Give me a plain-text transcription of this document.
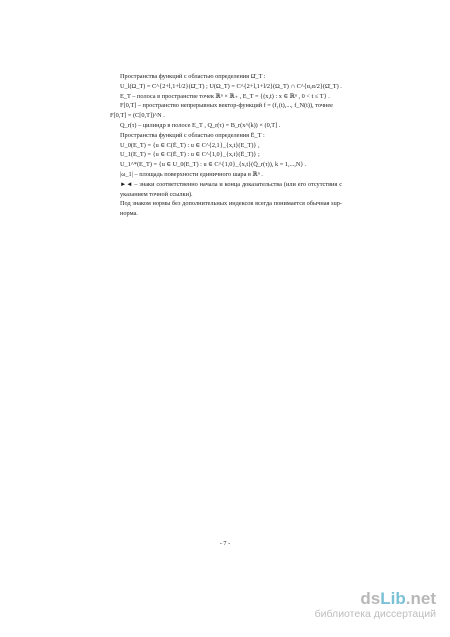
Пространства функций с областью определения Ω̄_T :
U_l(Ω_T) = C^{2+l,1+l/2}(Ω̄_T) ; U(Ω_T) = C^{2+l,1+l/2}(Ω_T) ∩ C^{α,α/2}(Ω̄_T) .
E_T – полоса в пространстве точек ℝⁿ × ℝ₊ , E_T = {(x,t) : x ∈ ℝⁿ , 0 < t ≤ T} .
F[0,T] – пространство непрерывных вектор-функций f = (f₁(t),..., f_N(t)), точнее
F[0,T] = (C[0,T])^N .
Q_r(τ) – цилиндр в полосе E_T , Q_r(τ) = B_r(x^(k)) × (0,T] .
Пространства функций с областью определения Ē_T :
U_0(E_T) = {u ∈ C(Ē_T) : u ∈ C^{2,1}_{x,t}(E_T)} ,
U_1(E_T) = {u ∈ C(Ē_T) : u ∈ C^{1,0}_{x,t}(Ē_T)} ;
U_1^*(E_T) = {u ∈ U_0(E_T) : u ∈ C^{1,0}_{x,t}(Q̄_r(τ)), k = 1,...,N} .
|ω_1| – площадь поверхности единичного шара в ℝⁿ .
►◄ – знаки соответственно начала и конца доказательства (или его отсутствия с указанием точной ссылки).
Под знаком нормы без дополнительных индексов всегда понимается обычная sup-норма.
- 7 -
dsLib.net
библиотека диссертаций
